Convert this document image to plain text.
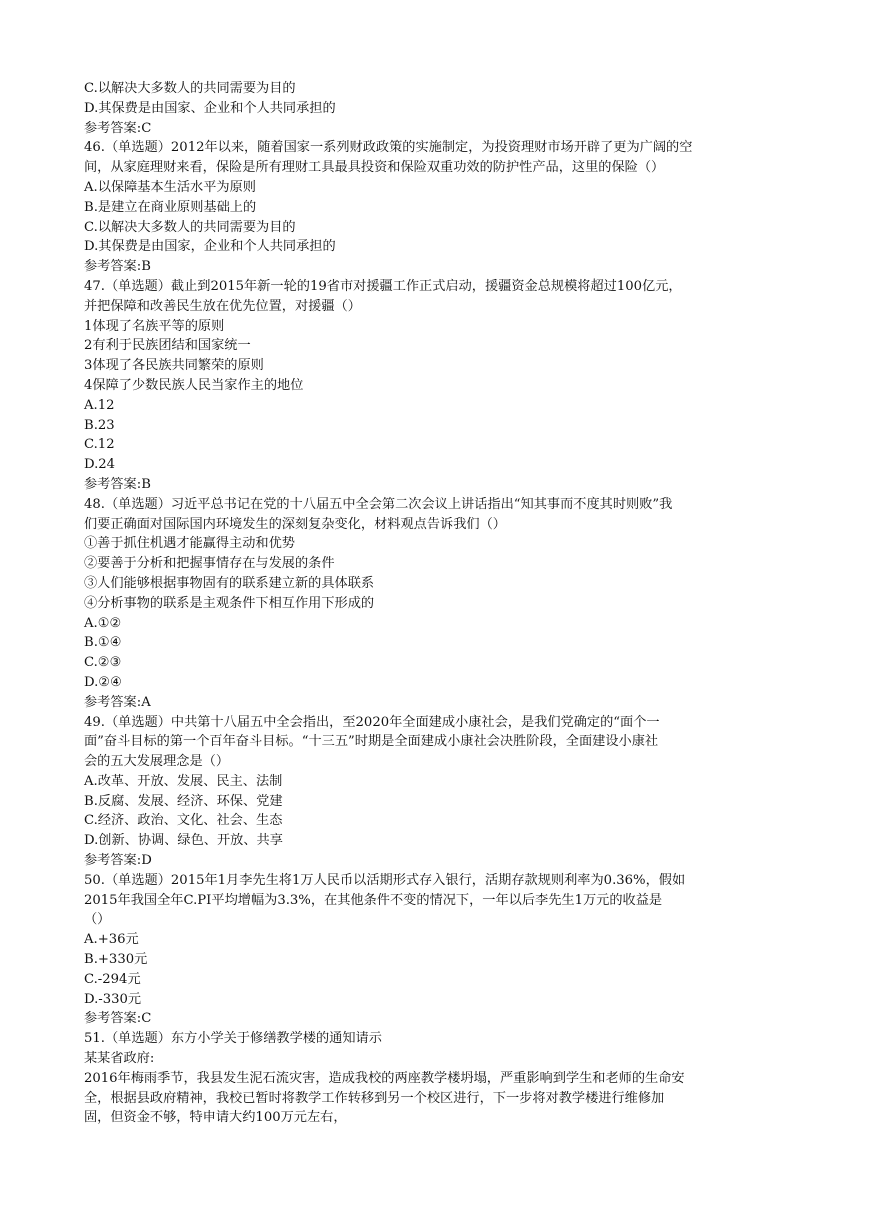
C.以解决大多数人的共同需要为目的
D.其保费是由国家、企业和个人共同承担的
参考答案:C
46.（单选题）2012年以来，随着国家一系列财政政策的实施制定，为投资理财市场开辟了更为广阔的空
间，从家庭理财来看，保险是所有理财工具最具投资和保险双重功效的防护性产品，这里的保险（）
A.以保障基本生活水平为原则
B.是建立在商业原则基础上的
C.以解决大多数人的共同需要为目的
D.其保费是由国家，企业和个人共同承担的
参考答案:B
47.（单选题）截止到2015年新一轮的19省市对援疆工作正式启动，援疆资金总规模将超过100亿元，
并把保障和改善民生放在优先位置，对援疆（）
1体现了名族平等的原则
2有利于民族团结和国家统一
3体现了各民族共同繁荣的原则
4保障了少数民族人民当家作主的地位
A.12
B.23
C.12
D.24
参考答案:B
48.（单选题）习近平总书记在党的十八届五中全会第二次会议上讲话指出“知其事而不度其时则败”我
们要正确面对国际国内环境发生的深刻复杂变化，材料观点告诉我们（）
①善于抓住机遇才能赢得主动和优势
②要善于分析和把握事情存在与发展的条件
③人们能够根据事物固有的联系建立新的具体联系
④分析事物的联系是主观条件下相互作用下形成的
A.①②
B.①④
C.②③
D.②④
参考答案:A
49.（单选题）中共第十八届五中全会指出，至2020年全面建成小康社会，是我们党确定的“面个一
面”奋斗目标的第一个百年奋斗目标。“十三五”时期是全面建成小康社会决胜阶段，全面建设小康社
会的五大发展理念是（）
A.改革、开放、发展、民主、法制
B.反腐、发展、经济、环保、党建
C.经济、政治、文化、社会、生态
D.创新、协调、绿色、开放、共享
参考答案:D
50.（单选题）2015年1月李先生将1万人民币以活期形式存入银行，活期存款规则利率为0.36%，假如
2015年我国全年C.PI平均增幅为3.3%，在其他条件不变的情况下，一年以后李先生1万元的收益是
（）
A.+36元
B.+330元
C.-294元
D.-330元
参考答案:C
51.（单选题）东方小学关于修缮教学楼的通知请示
某某省政府:
2016年梅雨季节，我县发生泥石流灾害，造成我校的两座教学楼坍塌，严重影响到学生和老师的生命安
全，根据县政府精神，我校已暂时将教学工作转移到另一个校区进行，下一步将对教学楼进行维修加
固，但资金不够，特申请大约100万元左右，
